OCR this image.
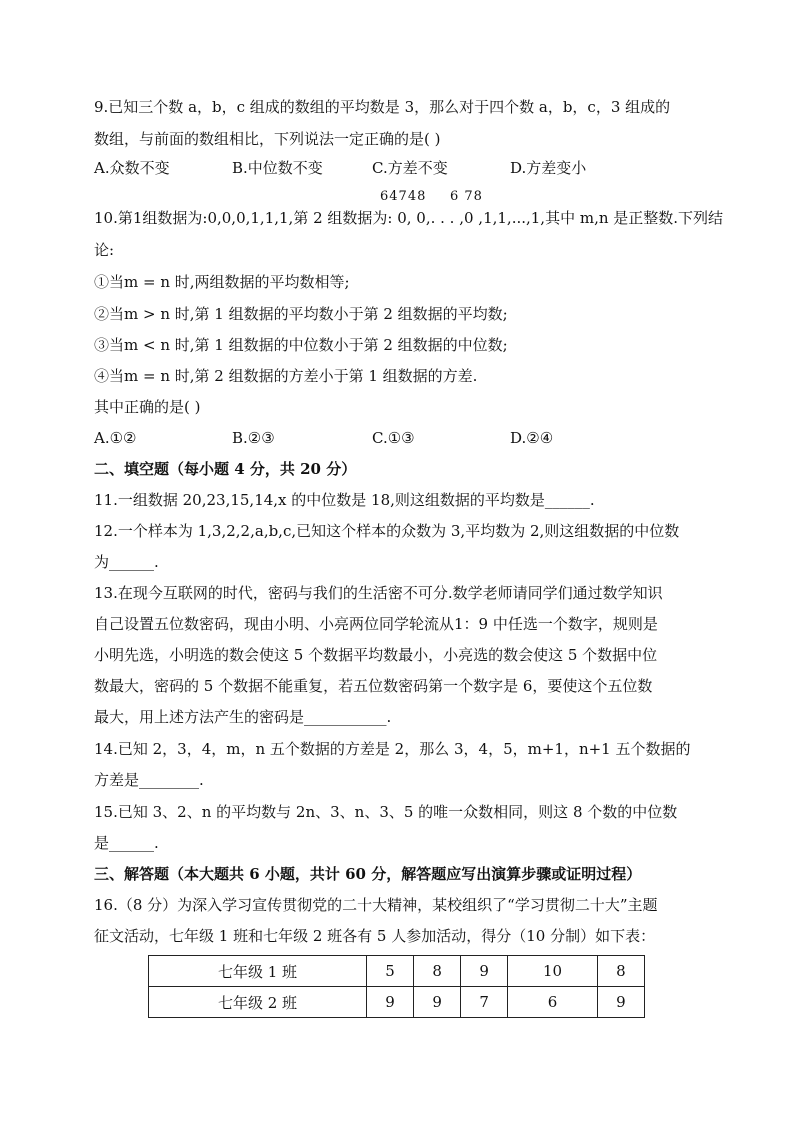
9.已知三个数 a，b，c 组成的数组的平均数是 3，那么对于四个数 a，b，c，3 组成的
数组，与前面的数组相比，下列说法一定正确的是( )
A.众数不变	B.中位数不变	C.方差不变	D.方差变小
64748 6 78
10.第1组数据为:0,0,0,1,1,1,第 2 组数据为: 0, 0,. . . ,0 ,1,1,...,1,其中 m,n 是正整数.下列结
论:
①当m = n 时,两组数据的平均数相等;
②当m > n 时,第 1 组数据的平均数小于第 2 组数据的平均数;
③当m < n 时,第 1 组数据的中位数小于第 2 组数据的中位数;
④当m = n 时,第 2 组数据的方差小于第 1 组数据的方差.
其中正确的是( )
A.①②	B.②③	C.①③	D.②④
二、填空题（每小题 4 分，共 20 分）
11.一组数据 20,23,15,14,x 的中位数是 18,则这组数据的平均数是______.
12.一个样本为 1,3,2,2,a,b,c,已知这个样本的众数为 3,平均数为 2,则这组数据的中位数
为______.
13.在现今互联网的时代，密码与我们的生活密不可分.数学老师请同学们通过数学知识
自己设置五位数密码，现由小明、小亮两位同学轮流从1：9 中任选一个数字，规则是
小明先选，小明选的数会使这 5 个数据平均数最小，小亮选的数会使这 5 个数据中位
数最大，密码的 5 个数据不能重复，若五位数密码第一个数字是 6，要使这个五位数
最大，用上述方法产生的密码是___________.
14.已知 2，3，4，m，n 五个数据的方差是 2，那么 3，4，5，m+1，n+1 五个数据的
方差是________.
15.已知 3、2、n 的平均数与 2n、3、n、3、5 的唯一众数相同，则这 8 个数的中位数
是______.
三、解答题（本大题共 6 小题，共计 60 分，解答题应写出演算步骤或证明过程）
16.（8 分）为深入学习宣传贯彻党的二十大精神，某校组织了“学习贯彻二十大”主题
征文活动，七年级 1 班和七年级 2 班各有 5 人参加活动，得分（10 分制）如下表：
七年级 1 班	5	8	9	10	8
七年级 2 班	9	9	7	6	9
